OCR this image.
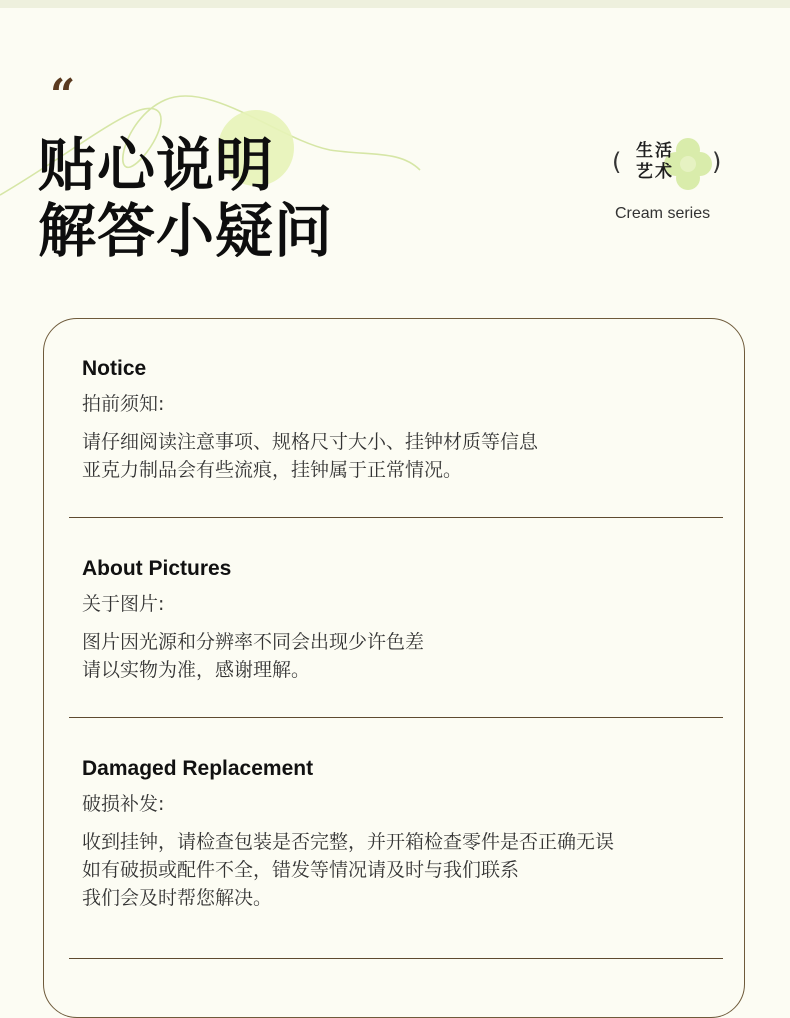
“
贴心说明
解答小疑问
( 生活
艺术 )
Cream series
Notice
拍前须知:
请仔细阅读注意事项、规格尺寸大小、挂钟材质等信息
亚克力制品会有些流痕，挂钟属于正常情况。
About Pictures
关于图片:
图片因光源和分辨率不同会出现少许色差
请以实物为准，感谢理解。
Damaged Replacement
破损补发:
收到挂钟，请检查包装是否完整，并开箱检查零件是否正确无误
如有破损或配件不全，错发等情况请及时与我们联系
我们会及时帮您解决。
